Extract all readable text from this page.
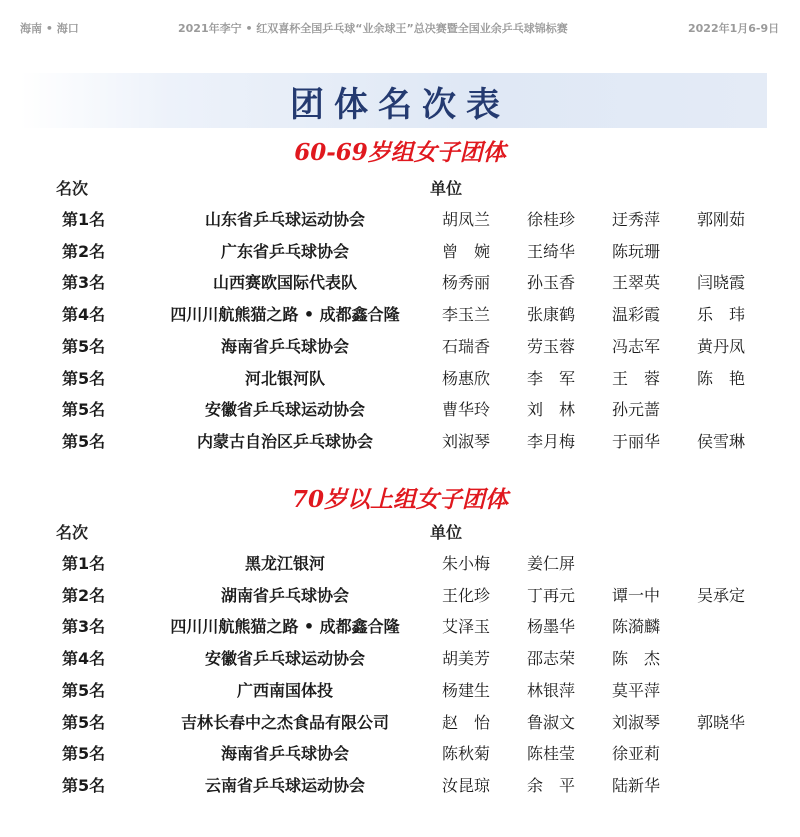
海南 • 海口	2021年李宁 • 红双喜杯全国乒乓球“业余球王”总决赛暨全国业余乒乓球锦标赛	2022年1月6-9日
团体名次表
60-69岁组女子团体
70岁以上组女子团体
名次	单位
第1名	山东省乒乓球运动协会	胡凤兰 徐桂珍 迂秀萍 郭刚茹
第2名	广东省乒乓球协会	曾　婉 王绮华 陈玩珊
第3名	山西赛欧国际代表队	杨秀丽 孙玉香 王翠英 闫晓霞
第4名	四川川航熊猫之路 • 成都鑫合隆	李玉兰 张康鹤 温彩霞 乐　玮
第5名	海南省乒乓球协会	石瑞香 劳玉蓉 冯志军 黄丹凤
第5名	河北银河队	杨惠欣 李　军 王　蓉 陈　艳
第5名	安徽省乒乓球运动协会	曹华玲 刘　林 孙元蔷
第5名	内蒙古自治区乒乓球协会	刘淑琴 李月梅 于丽华 侯雪琳
名次	单位
第1名	黑龙江银河	朱小梅 姜仁屏
第2名	湖南省乒乓球协会	王化珍 丁再元 谭一中 吴承定
第3名	四川川航熊猫之路 • 成都鑫合隆	艾泽玉 杨墨华 陈漪麟
第4名	安徽省乒乓球运动协会	胡美芳 邵志荣 陈　杰
第5名	广西南国体投	杨建生 林银萍 莫平萍
第5名	吉林长春中之杰食品有限公司	赵　怡 鲁淑文 刘淑琴 郭晓华
第5名	海南省乒乓球协会	陈秋菊 陈桂莹 徐亚莉
第5名	云南省乒乓球运动协会	汝昆琼 余　平 陆新华
